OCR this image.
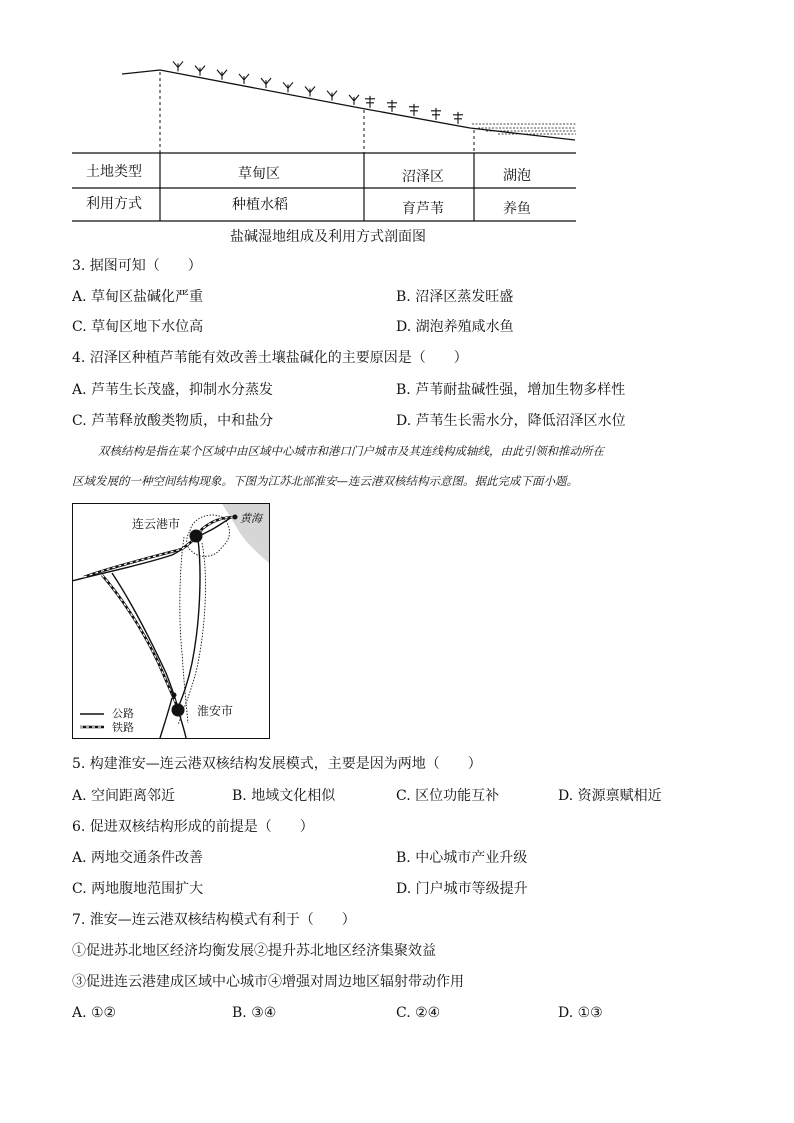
土地类型	草甸区	沼泽区	湖泡
利用方式	种植水稻	育芦苇	养鱼
盐碱湿地组成及利用方式剖面图
3. 据图可知（　　）
A. 草甸区盐碱化严重	B. 沼泽区蒸发旺盛
C. 草甸区地下水位高	D. 湖泡养殖咸水鱼
4. 沼泽区种植芦苇能有效改善土壤盐碱化的主要原因是（　　）
A. 芦苇生长茂盛，抑制水分蒸发	B. 芦苇耐盐碱性强，增加生物多样性
C. 芦苇释放酸类物质，中和盐分	D. 芦苇生长需水分，降低沼泽区水位
双核结构是指在某个区域中由区域中心城市和港口门户城市及其连线构成轴线，由此引领和推动所在
区域发展的一种空间结构现象。下图为江苏北部淮安—连云港双核结构示意图。据此完成下面小题。
连云港市	黄海
淮安市
公路
铁路
5. 构建淮安—连云港双核结构发展模式，主要是因为两地（　　）
A. 空间距离邻近	B. 地域文化相似	C. 区位功能互补	D. 资源禀赋相近
6. 促进双核结构形成的前提是（　　）
A. 两地交通条件改善	B. 中心城市产业升级
C. 两地腹地范围扩大	D. 门户城市等级提升
7. 淮安—连云港双核结构模式有利于（　　）
①促进苏北地区经济均衡发展②提升苏北地区经济集聚效益
③促进连云港建成区域中心城市④增强对周边地区辐射带动作用
A. ①②	B. ③④	C. ②④	D. ①③
